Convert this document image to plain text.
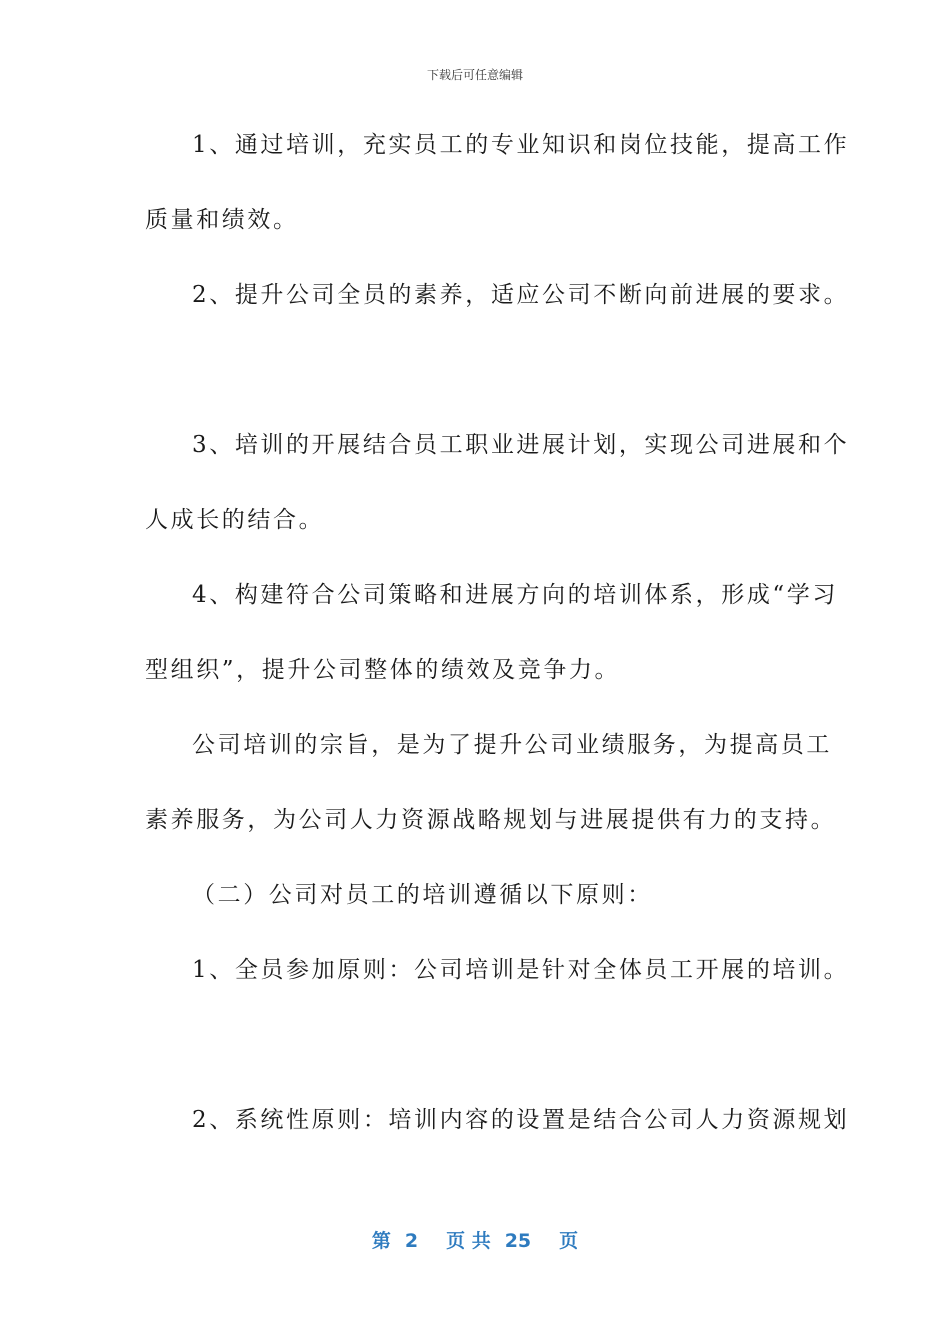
下载后可任意编辑
1、通过培训，充实员工的专业知识和岗位技能，提高工作
质量和绩效。
2、提升公司全员的素养，适应公司不断向前进展的要求。
3、培训的开展结合员工职业进展计划，实现公司进展和个
人成长的结合。
4、构建符合公司策略和进展方向的培训体系，形成“学习
型组织”，提升公司整体的绩效及竞争力。
公司培训的宗旨，是为了提升公司业绩服务，为提高员工
素养服务，为公司人力资源战略规划与进展提供有力的支持。
（二）公司对员工的培训遵循以下原则：
1、全员参加原则：公司培训是针对全体员工开展的培训。
2、系统性原则：培训内容的设置是结合公司人力资源规划
第 2 页 共 25 页
